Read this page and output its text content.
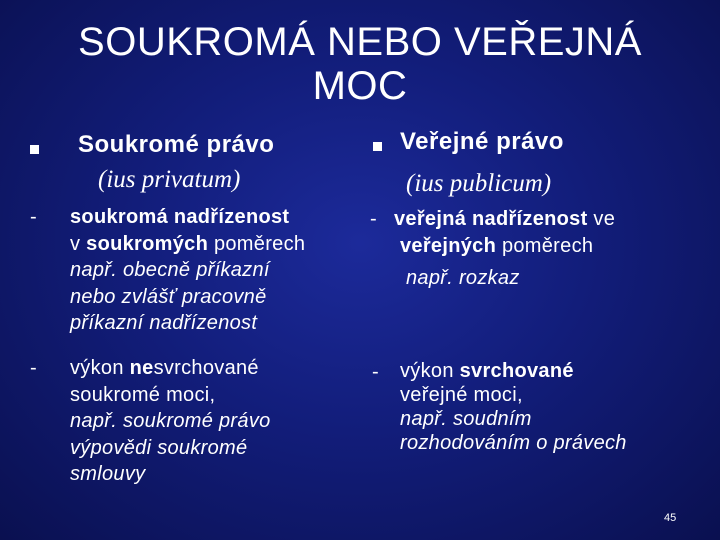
SOUKROMÁ NEBO VEŘEJNÁ
MOC
Soukromé právo
(ius privatum)
- soukromá nadřízenost
v soukromých poměrech
např. obecně příkazní
nebo zvlášť pracovně
příkazní nadřízenost
- výkon nesvrchované
soukromé moci,
např. soukromé právo
výpovědi soukromé
smlouvy
Veřejné právo
(ius publicum)
- veřejná nadřízenost ve
veřejných poměrech
např. rozkaz
- výkon svrchované
veřejné moci,
např. soudním
rozhodováním o právech
45
